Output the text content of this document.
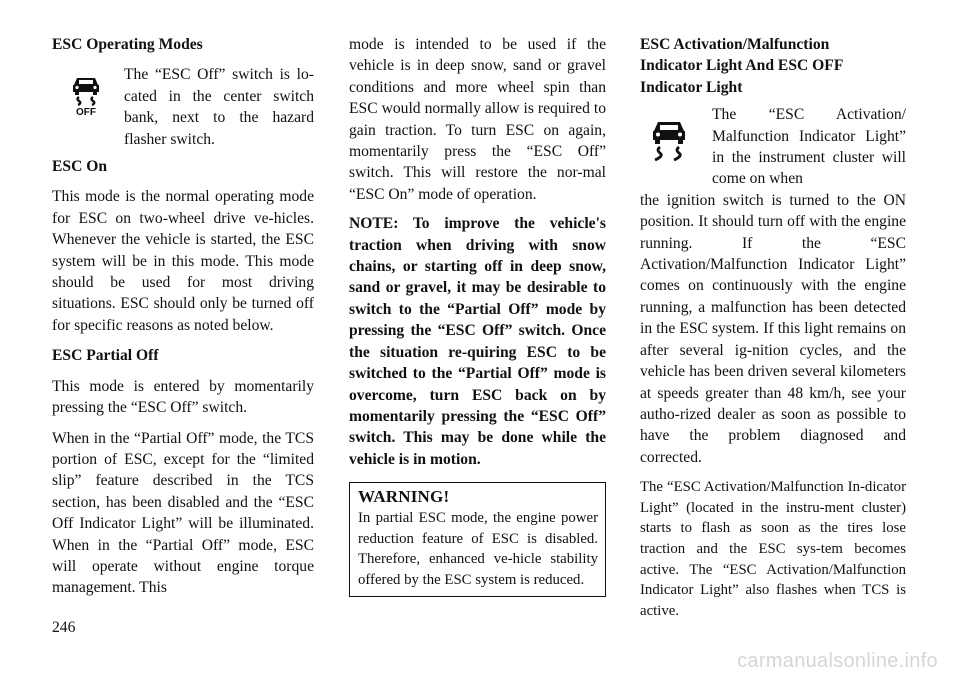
ESC Operating Modes

OFF

The “ESC Off” switch is lo-cated in the center switch bank, next to the hazard flasher switch.

ESC On

This mode is the normal operating mode for ESC on two-wheel drive ve-hicles. Whenever the vehicle is started, the ESC system will be in this mode. This mode should be used for most driving situations. ESC should only be turned off for specific reasons as noted below.

ESC Partial Off

This mode is entered by momentarily pressing the “ESC Off” switch.

When in the “Partial Off” mode, the TCS portion of ESC, except for the “limited slip” feature described in the TCS section, has been disabled and the “ESC Off Indicator Light” will be illuminated. When in the “Partial Off” mode, ESC will operate without engine torque management. This

mode is intended to be used if the vehicle is in deep snow, sand or gravel conditions and more wheel spin than ESC would normally allow is required to gain traction. To turn ESC on again, momentarily press the “ESC Off” switch. This will restore the nor-mal “ESC On” mode of operation.

NOTE: To improve the vehicle's traction when driving with snow chains, or starting off in deep snow, sand or gravel, it may be desirable to switch to the “Partial Off” mode by pressing the “ESC Off” switch. Once the situation re-quiring ESC to be switched to the “Partial Off” mode is overcome, turn ESC back on by momentarily pressing the “ESC Off” switch. This may be done while the vehicle is in motion.

WARNING!
In partial ESC mode, the engine power reduction feature of ESC is disabled. Therefore, enhanced ve-hicle stability offered by the ESC system is reduced.

ESC Activation/Malfunction Indicator Light And ESC OFF Indicator Light

The “ESC Activation/ Malfunction Indicator Light” in the instrument cluster will come on when

the ignition switch is turned to the ON position. It should turn off with the engine running. If the “ESC Activation/Malfunction Indicator Light” comes on continuously with the engine running, a malfunction has been detected in the ESC system. If this light remains on after several ig-nition cycles, and the vehicle has been driven several kilometers at speeds greater than 48 km/h, see your autho-rized dealer as soon as possible to have the problem diagnosed and corrected.

The “ESC Activation/Malfunction In-dicator Light” (located in the instru-ment cluster) starts to flash as soon as the tires lose traction and the ESC sys-tem becomes active. The “ESC Activation/Malfunction Indicator Light” also flashes when TCS is active.

246
carmanualsonline.info
